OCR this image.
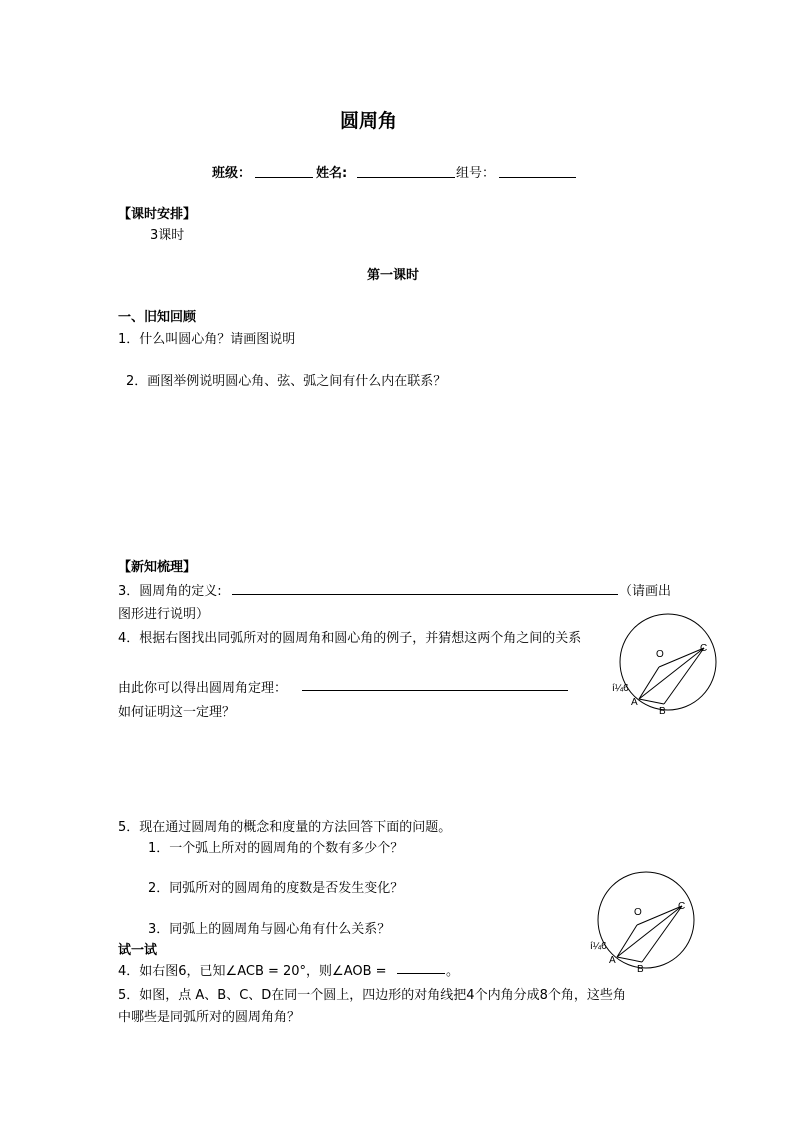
圆周角
班级：	姓名:	组号：
【课时安排】
3课时
第一课时
一、旧知回顾
1．什么叫圆心角？请画图说明
2．画图举例说明圆心角、弦、弧之间有什么内在联系？
【新知梳理】
3．圆周角的定义:	（请画出
图形进行说明）
4．根据右图找出同弧所对的圆周角和圆心角的例子，并猜想这两个角之间的关系
O
C
A
B
í¼6
由此你可以得出圆周角定理：
如何证明这一定理？
5．现在通过圆周角的概念和度量的方法回答下面的问题。
1．一个弧上所对的圆周角的个数有多少个？
2．同弧所对的圆周角的度数是否发生变化？
3．同弧上的圆周角与圆心角有什么关系？
O
C
A
B
í¼6
试一试
4．如右图6，已知∠ACB = 20°，则∠AOB =	。
5．如图，点 A、B、C、D在同一个圆上，四边形的对角线把4个内角分成8个角，这些角
中哪些是同弧所对的圆周角角？
